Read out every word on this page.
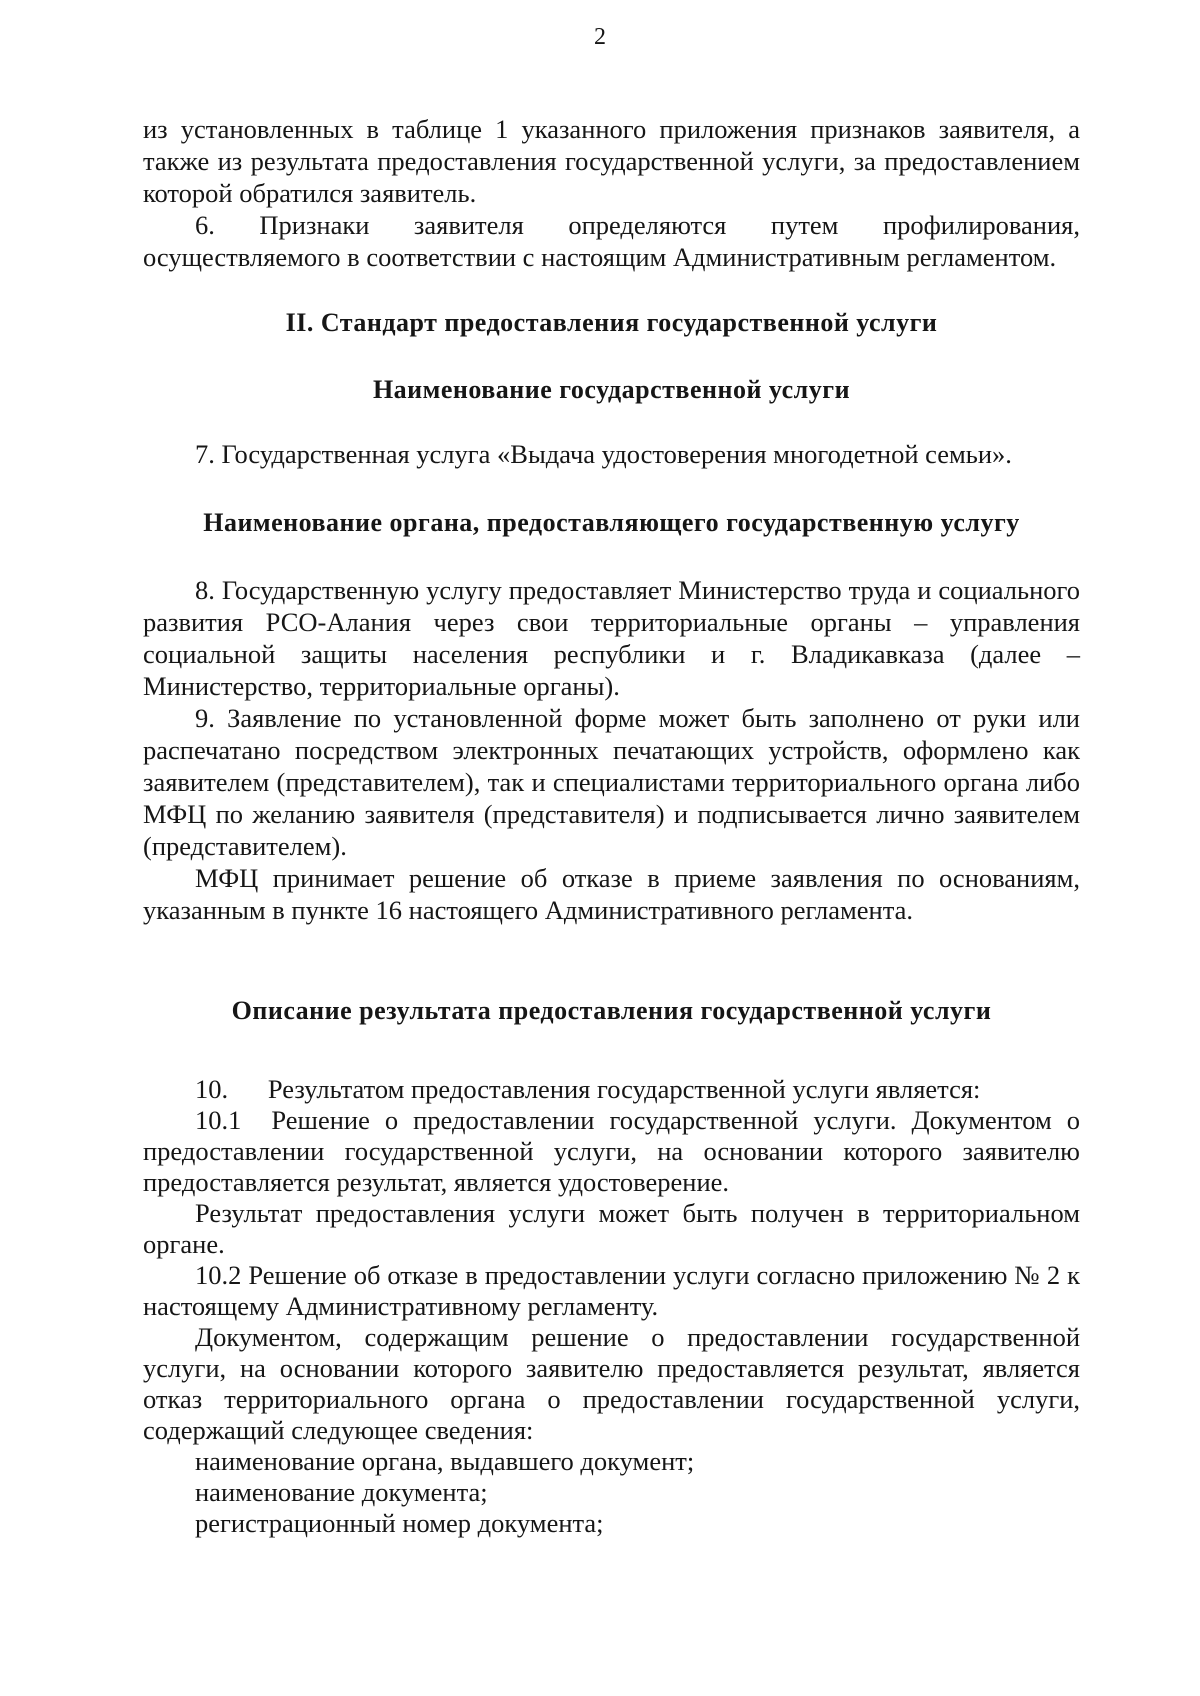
2

из установленных в таблице 1 указанного приложения признаков заявителя, а также из результата предоставления государственной услуги, за предоставлением которой обратился заявитель.

6. Признаки заявителя определяются путем профилирования, осуществляемого в соответствии с настоящим Административным регламентом.

II. Стандарт предоставления государственной услуги
Наименование государственной услуги

7. Государственная услуга «Выдача удостоверения многодетной семьи».

Наименование органа, предоставляющего государственную услугу

8. Государственную услугу предоставляет Министерство труда и социального развития РСО-Алания через свои территориальные органы – управления социальной защиты населения республики и г. Владикавказа (далее – Министерство, территориальные органы).

9. Заявление по установленной форме может быть заполнено от руки или распечатано посредством электронных печатающих устройств, оформлено как заявителем (представителем), так и специалистами территориального органа либо МФЦ по желанию заявителя (представителя) и подписывается лично заявителем (представителем).

МФЦ принимает решение об отказе в приеме заявления по основаниям, указанным в пункте 16 настоящего Административного регламента.

Описание результата предоставления государственной услуги

10.      Результатом предоставления государственной услуги является:

10.1  Решение о предоставлении государственной услуги. Документом о предоставлении государственной услуги, на основании которого заявителю предоставляется результат, является удостоверение.

Результат предоставления услуги может быть получен в территориальном органе.

10.2 Решение об отказе в предоставлении услуги согласно приложению № 2 к настоящему Административному регламенту.

Документом, содержащим решение о предоставлении государственной услуги, на основании которого заявителю предоставляется результат, является отказ территориального органа о предоставлении государственной услуги, содержащий следующее сведения:

наименование органа, выдавшего документ;

наименование документа;

регистрационный номер документа;
